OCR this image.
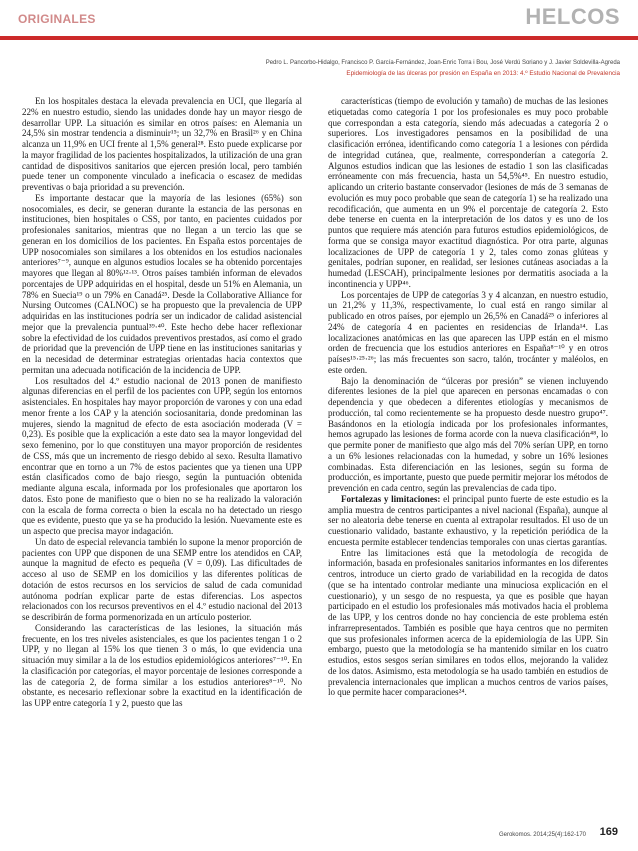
ORIGINALES	HELCOS
Pedro L. Pancorbo-Hidalgo, Francisco P. García-Fernández, Joan-Enric Torra i Bou, José Verdú Soriano y J. Javier Soldevilla-Agreda
Epidemiología de las úlceras por presión en España en 2013: 4.º Estudio Nacional de Prevalencia

En los hospitales destaca la elevada prevalencia en UCI, que llegaría al 22% en nuestro estudio, siendo las unidades donde hay un mayor riesgo de desarrollar UPP. La situación es similar en otros países: en Alemania un 24,5% sin mostrar tendencia a disminuir¹⁵; un 32,7% en Brasil²⁶ y en China alcanza un 11,9% en UCI frente al 1,5% general²⁸. Esto puede explicarse por la mayor fragilidad de los pacientes hospitalizados, la utilización de una gran cantidad de dispositivos sanitarios que ejercen presión local, pero también puede tener un componente vinculado a ineficacia o escasez de medidas preventivas o baja prioridad a su prevención.

Es importante destacar que la mayoría de las lesiones (65%) son nosocomiales, es decir, se generan durante la estancia de las personas en instituciones, bien hospitales o CSS, por tanto, en pacientes cuidados por profesionales sanitarios, mientras que no llegan a un tercio las que se generan en los domicilios de los pacientes. En España estos porcentajes de UPP nosocomiales son similares a los obtenidos en los estudios nacionales anteriores⁷⁻⁹, aunque en algunos estudios locales se ha obtenido porcentajes mayores que llegan al 80%¹²·¹³. Otros países también informan de elevados porcentajes de UPP adquiridas en el hospital, desde un 51% en Alemania, un 78% en Suecia¹⁹ o un 79% en Canadá²⁵. Desde la Collaborative Alliance for Nursing Outcomes (CALNOC) se ha propuesto que la prevalencia de UPP adquiridas en las instituciones podría ser un indicador de calidad asistencial mejor que la prevalencia puntual³⁹·⁴⁰. Este hecho debe hacer reflexionar sobre la efectividad de los cuidados preventivos prestados, así como el grado de prioridad que la prevención de UPP tiene en las instituciones sanitarias y en la necesidad de determinar estrategias orientadas hacia contextos que permitan una adecuada notificación de la incidencia de UPP.

Los resultados del 4.º estudio nacional de 2013 ponen de manifiesto algunas diferencias en el perfil de los pacientes con UPP, según los entornos asistenciales. En hospitales hay mayor proporción de varones y con una edad menor frente a los CAP y la atención sociosanitaria, donde predominan las mujeres, siendo la magnitud de efecto de esta asociación moderada (V = 0,23). Es posible que la explicación a este dato sea la mayor longevidad del sexo femenino, por lo que constituyen una mayor proporción de residentes de CSS, más que un incremento de riesgo debido al sexo. Resulta llamativo encontrar que en torno a un 7% de estos pacientes que ya tienen una UPP están clasificados como de bajo riesgo, según la puntuación obtenida mediante alguna escala, informada por los profesionales que aportaron los datos. Esto pone de manifiesto que o bien no se ha realizado la valoración con la escala de forma correcta o bien la escala no ha detectado un riesgo que es evidente, puesto que ya se ha producido la lesión. Nuevamente este es un aspecto que precisa mayor indagación.

Un dato de especial relevancia también lo supone la menor proporción de pacientes con UPP que disponen de una SEMP entre los atendidos en CAP, aunque la magnitud de efecto es pequeña (V = 0,09). Las dificultades de acceso al uso de SEMP en los domicilios y las diferentes políticas de dotación de estos recursos en los servicios de salud de cada comunidad autónoma podrían explicar parte de estas diferencias. Los aspectos relacionados con los recursos preventivos en el 4.º estudio nacional del 2013 se describirán de forma pormenorizada en un artículo posterior.

Considerando las características de las lesiones, la situación más frecuente, en los tres niveles asistenciales, es que los pacientes tengan 1 o 2 UPP, y no llegan al 15% los que tienen 3 o más, lo que evidencia una situación muy similar a la de los estudios epidemiológicos anteriores⁷⁻¹⁰. En la clasificación por categorías, el mayor porcentaje de lesiones corresponde a las de categoría 2, de forma similar a los estudios anteriores⁸⁻¹⁰. No obstante, es necesario reflexionar sobre la exactitud en la identificación de las UPP entre categoría 1 y 2, puesto que las

características (tiempo de evolución y tamaño) de muchas de las lesiones etiquetadas como categoría 1 por los profesionales es muy poco probable que correspondan a esta categoría, siendo más adecuadas a categoría 2 o superiores. Los investigadores pensamos en la posibilidad de una clasificación errónea, identificando como categoría 1 a lesiones con pérdida de integridad cutánea, que, realmente, corresponderían a categoría 2. Algunos estudios indican que las lesiones de estadio 1 son las clasificadas erróneamente con más frecuencia, hasta un 54,5%⁴⁵. En nuestro estudio, aplicando un criterio bastante conservador (lesiones de más de 3 semanas de evolución es muy poco probable que sean de categoría 1) se ha realizado una recodificación, que aumenta en un 9% el porcentaje de categoría 2. Esto debe tenerse en cuenta en la interpretación de los datos y es uno de los puntos que requiere más atención para futuros estudios epidemiológicos, de forma que se consiga mayor exactitud diagnóstica. Por otra parte, algunas localizaciones de UPP de categoría 1 y 2, tales como zonas glúteas y genitales, podrían suponer, en realidad, ser lesiones cutáneas asociadas a la humedad (LESCAH), principalmente lesiones por dermatitis asociada a la incontinencia y UPP⁴⁶.

Los porcentajes de UPP de categorías 3 y 4 alcanzan, en nuestro estudio, un 21,2% y 11,3%, respectivamente, lo cual está en rango similar al publicado en otros países, por ejemplo un 26,5% en Canadá²⁵ o inferiores al 24% de categoría 4 en pacientes en residencias de Irlanda¹⁴. Las localizaciones anatómicas en las que aparecen las UPP están en el mismo orden de frecuencia que los estudios anteriores en España⁸⁻¹⁰ y en otros países¹⁵·²⁵·²⁶; las más frecuentes son sacro, talón, trocánter y maléolos, en este orden.

Bajo la denominación de “úlceras por presión” se vienen incluyendo diferentes lesiones de la piel que aparecen en personas encamadas o con dependencia y que obedecen a diferentes etiologías y mecanismos de producción, tal como recientemente se ha propuesto desde nuestro grupo⁴⁷. Basándonos en la etiología indicada por los profesionales informantes, hemos agrupado las lesiones de forma acorde con la nueva clasificación⁴⁸, lo que permite poner de manifiesto que algo más del 70% serían UPP, en torno a un 6% lesiones relacionadas con la humedad, y sobre un 16% lesiones combinadas. Esta diferenciación en las lesiones, según su forma de producción, es importante, puesto que puede permitir mejorar los métodos de prevención en cada centro, según las prevalencias de cada tipo.

Fortalezas y limitaciones: el principal punto fuerte de este estudio es la amplia muestra de centros participantes a nivel nacional (España), aunque al ser no aleatoria debe tenerse en cuenta al extrapolar resultados. El uso de un cuestionario validado, bastante exhaustivo, y la repetición periódica de la encuesta permite establecer tendencias temporales con unas ciertas garantías.

Entre las limitaciones está que la metodología de recogida de información, basada en profesionales sanitarios informantes en los diferentes centros, introduce un cierto grado de variabilidad en la recogida de datos (que se ha intentado controlar mediante una minuciosa explicación en el cuestionario), y un sesgo de no respuesta, ya que es posible que hayan participado en el estudio los profesionales más motivados hacia el problema de las UPP, y los centros donde no hay conciencia de este problema estén infrarrepresentados. También es posible que haya centros que no permiten que sus profesionales informen acerca de la epidemiología de las UPP. Sin embargo, puesto que la metodología se ha mantenido similar en los cuatro estudios, estos sesgos serían similares en todos ellos, mejorando la validez de los datos. Asimismo, esta metodología se ha usado también en estudios de prevalencia internacionales que implican a muchos centros de varios países, lo que permite hacer comparaciones²⁴.

Gerokomos. 2014;25(4):162-170 169
